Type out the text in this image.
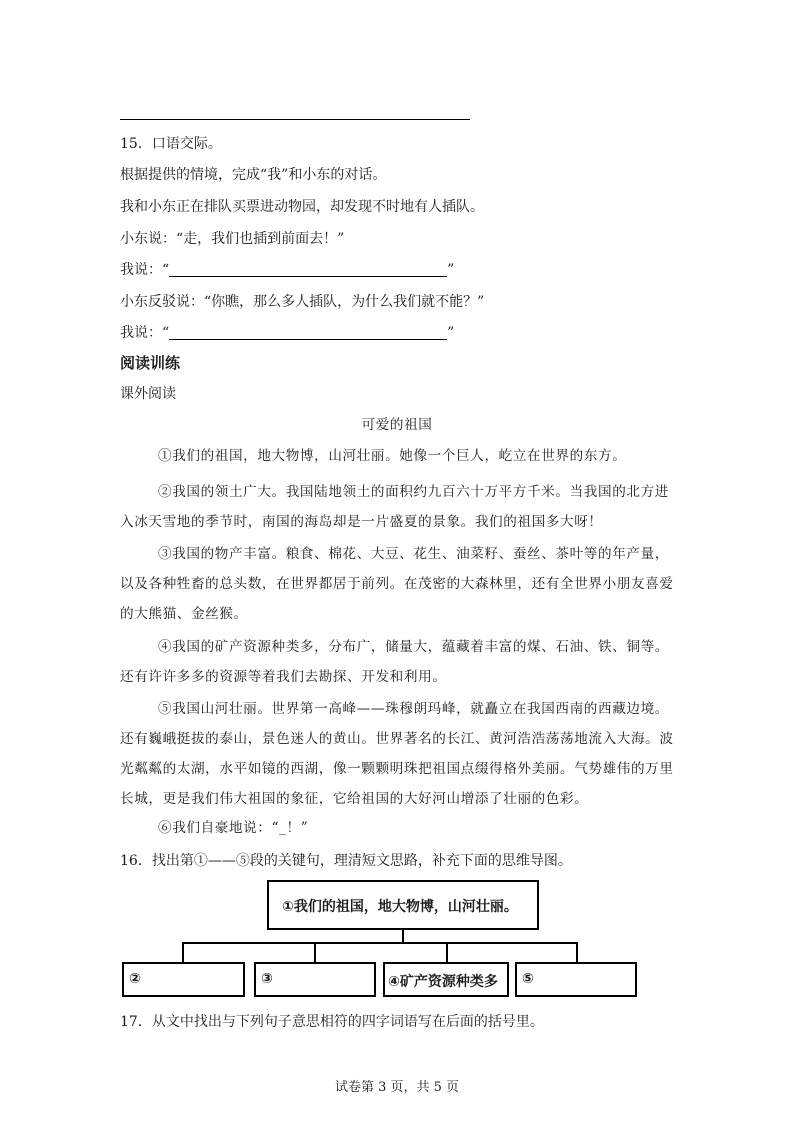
15．口语交际。
根据提供的情境，完成“我”和小东的对话。
我和小东正在排队买票进动物园，却发现不时地有人插队。
小东说：“走，我们也插到前面去！”
我说：“	”
小东反驳说：“你瞧，那么多人插队，为什么我们就不能？”
我说：“	”
阅读训练
课外阅读
可爱的祖国
①我们的祖国，地大物博，山河壮丽。她像一个巨人，屹立在世界的东方。
②我国的领土广大。我国陆地领土的面积约九百六十万平方千米。当我国的北方进入冰天雪地的季节时，南国的海岛却是一片盛夏的景象。我们的祖国多大呀！
③我国的物产丰富。粮食、棉花、大豆、花生、油菜籽、蚕丝、茶叶等的年产量，以及各种牲畜的总头数，在世界都居于前列。在茂密的大森林里，还有全世界小朋友喜爱的大熊猫、金丝猴。
④我国的矿产资源种类多，分布广，储量大，蕴藏着丰富的煤、石油、铁、铜等。还有许许多多的资源等着我们去勘探、开发和利用。
⑤我国山河壮丽。世界第一高峰——珠穆朗玛峰，就矗立在我国西南的西藏边境。还有巍峨挺拔的泰山，景色迷人的黄山。世界著名的长江、黄河浩浩荡荡地流入大海。波光粼粼的太湖，水平如镜的西湖，像一颗颗明珠把祖国点缀得格外美丽。气势雄伟的万里长城，更是我们伟大祖国的象征，它给祖国的大好河山增添了壮丽的色彩。
⑥我们自豪地说：“_！”
16．找出第①——⑤段的关键句，理清短文思路，补充下面的思维导图。
①我们的祖国，地大物博，山河壮丽。
②	③	④矿产资源种类多	⑤
17．从文中找出与下列句子意思相符的四字词语写在后面的括号里。
试卷第 3 页，共 5 页
